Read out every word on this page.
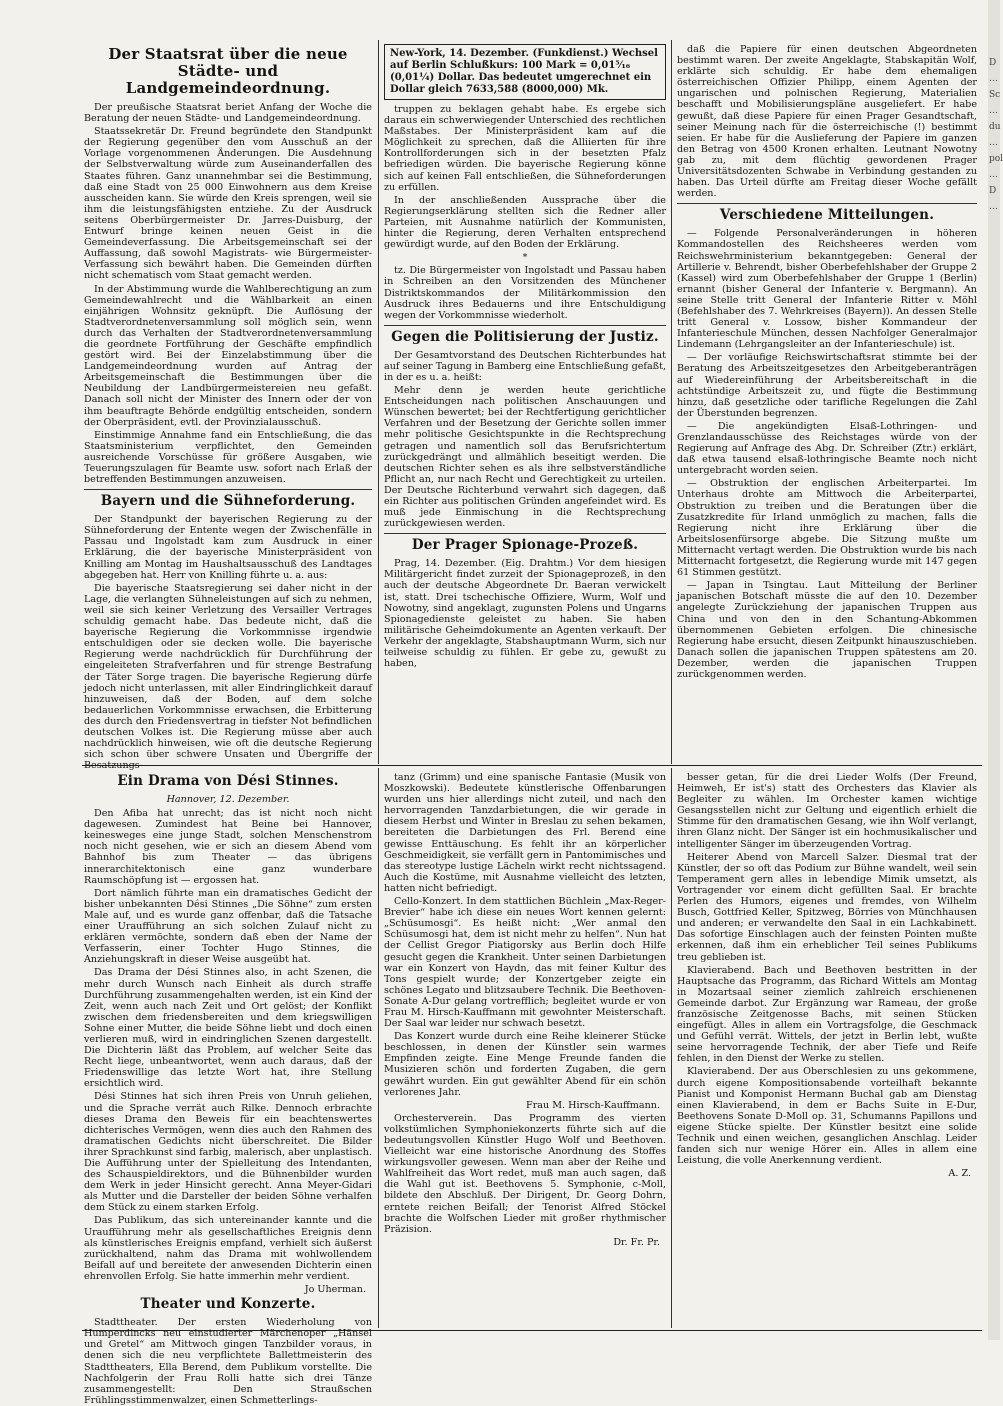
Der Staatsrat über die neue Städte- und Landgemeindeordnung.

Der preußische Staatsrat beriet Anfang der Woche die Beratung der neuen Städte- und Landgemeindeordnung.

Staatssekretär Dr. Freund begründete den Standpunkt der Regierung gegenüber den vom Ausschuß an der Vorlage vorgenommenen Änderungen. Die Ausdehnung der Selbstverwaltung würde zum Auseinanderfallen des Staates führen. Ganz unannehmbar sei die Bestimmung, daß eine Stadt von 25 000 Einwohnern aus dem Kreise ausscheiden kann. Sie würde den Kreis sprengen, weil sie ihm die leistungsfähigsten entziehe. Zu der Ausdruck seitens Oberbürgermeister Dr. Jarres-Duisburg, der Entwurf bringe keinen neuen Geist in die Gemeindeverfassung. Die Arbeitsgemeinschaft sei der Auffassung, daß sowohl Magistrats- wie Bürgermeister-Verfassung sich bewährt haben. Die Gemeinden dürften nicht schematisch vom Staat gemacht werden.

In der Abstimmung wurde die Wahlberechtigung an zum Gemeindewahlrecht und die Wählbarkeit an einen einjährigen Wohnsitz geknüpft. Die Auflösung der Stadtverordnetenversammlung soll möglich sein, wenn durch das Verhalten der Stadtverordnetenversammlung die geordnete Fortführung der Geschäfte empfindlich gestört wird. Bei der Einzelabstimmung über die Landgemeindeordnung wurden auf Antrag der Arbeitsgemeinschaft die Bestimmungen über die Neubildung der Landbürgermeistereien neu gefaßt. Danach soll nicht der Minister des Innern oder der von ihm beauftragte Behörde endgültig entscheiden, sondern der Oberpräsident, evtl. der Provinzialausschuß.

Einstimmige Annahme fand ein Entschließung, die das Staatsministerium verpflichtet, den Gemeinden ausreichende Vorschüsse für größere Ausgaben, wie Teuerungszulagen für Beamte usw. sofort nach Erlaß der betreffenden Bestimmungen anzuweisen.

Bayern und die Sühneforderung.

Der Standpunkt der bayerischen Regierung zu der Sühneforderung der Entente wegen der Zwischenfälle in Passau und Ingolstadt kam zum Ausdruck in einer Erklärung, die der bayerische Ministerpräsident von Knilling am Montag im Haushaltsausschuß des Landtages abgegeben hat. Herr von Knilling führte u. a. aus:

Die bayerische Staatsregierung sei daher nicht in der Lage, die verlangten Sühneleistungen auf sich zu nehmen, weil sie sich keiner Verletzung des Versailler Vertrages schuldig gemacht habe. Das bedeute nicht, daß die bayerische Regierung die Vorkommnisse irgendwie entschuldigen oder sie decken wolle. Die bayerische Regierung werde nachdrücklich für Durchführung der eingeleiteten Strafverfahren und für strenge Bestrafung der Täter Sorge tragen. Die bayerische Regierung dürfe jedoch nicht unterlassen, mit aller Eindringlichkeit darauf hinzuweisen, daß der Boden, auf dem solche bedauerlichen Vorkommnisse erwachsen, die Erbitterung des durch den Friedensvertrag in tiefster Not befindlichen deutschen Volkes ist. Die Regierung müsse aber auch nachdrücklich hinweisen, wie oft die deutsche Regierung sich schon über schwere Unsaten und Übergriffe der Besatzungs-

New-York, 14. Dezember. (Funkdienst.) Wechsel auf Berlin Schlußkurs: 100 Mark = 0,01⁵⁄₁₆ (0,01¼) Dollar. Das bedeutet umgerechnet ein Dollar gleich 7633,588 (8000,000) Mk.

truppen zu beklagen gehabt habe. Es ergebe sich daraus ein schwerwiegender Unterschied des rechtlichen Maßstabes. Der Ministerpräsident kam auf die Möglichkeit zu sprechen, daß die Alliierten für ihre Kontrollforderungen sich in der besetzten Pfalz befriedigen würden. Die bayerische Regierung könne sich auf keinen Fall entschließen, die Sühneforderungen zu erfüllen.

In der anschließenden Aussprache über die Regierungserklärung stellten sich die Redner aller Parteien, mit Ausnahme natürlich der Kommunisten, hinter die Regierung, deren Verhalten entsprechend gewürdigt wurde, auf den Boden der Erklärung.

*

tz. Die Bürgermeister von Ingolstadt und Passau haben in Schreiben an den Vorsitzenden des Münchener Distriktskommandos der Militärkommission den Ausdruck ihres Bedauerns und ihre Entschuldigung wegen der Vorkommnisse wiederholt.

Gegen die Politisierung der Justiz.

Der Gesamtvorstand des Deutschen Richterbundes hat auf seiner Tagung in Bamberg eine Entschließung gefaßt, in der es u. a. heißt:

Mehr denn je werden heute gerichtliche Entscheidungen nach politischen Anschauungen und Wünschen bewertet; bei der Rechtfertigung gerichtlicher Verfahren und der Besetzung der Gerichte sollen immer mehr politische Gesichtspunkte in die Rechtsprechung getragen und namentlich soll das Berufsrichtertum zurückgedrängt und allmählich beseitigt werden. Die deutschen Richter sehen es als ihre selbstverständliche Pflicht an, nur nach Recht und Gerechtigkeit zu urteilen. Der Deutsche Richterbund verwahrt sich dagegen, daß ein Richter aus politischen Gründen angefeindet wird. Es muß jede Einmischung in die Rechtsprechung zurückgewiesen werden.

Der Prager Spionage-Prozeß.

Prag, 14. Dezember. (Eig. Drahtm.) Vor dem hiesigen Militärgericht findet zurzeit der Spionageprozeß, in den auch der deutsche Abgeordnete Dr. Baeran verwickelt ist, statt. Drei tschechische Offiziere, Wurm, Wolf und Nowotny, sind angeklagt, zugunsten Polens und Ungarns Spionagedienste geleistet zu haben. Sie haben militärische Geheimdokumente an Agenten verkauft. Der Verkehr der angeklagte, Stabshauptmann Wurm, sich nur teilweise schuldig zu fühlen. Er gebe zu, gewußt zu haben,

daß die Papiere für einen deutschen Abgeordneten bestimmt waren. Der zweite Angeklagte, Stabskapitän Wolf, erklärte sich schuldig. Er habe dem ehemaligen österreichischen Offizier Philipp, einem Agenten der ungarischen und polnischen Regierung, Materialien beschafft und Mobilisierungspläne ausgeliefert. Er habe gewußt, daß diese Papiere für einen Prager Gesandtschaft, seiner Meinung nach für die österreichische (!) bestimmt seien. Er habe für die Auslieferung der Papiere im ganzen den Betrag von 4500 Kronen erhalten. Leutnant Nowotny gab zu, mit dem flüchtig gewordenen Prager Universitätsdozenten Schwabe in Verbindung gestanden zu haben. Das Urteil dürfte am Freitag dieser Woche gefällt werden.

Verschiedene Mitteilungen.

— Folgende Personalveränderungen in höheren Kommandostellen des Reichsheeres werden vom Reichswehrministerium bekanntgegeben: General der Artillerie v. Behrendt, bisher Oberbefehlshaber der Gruppe 2 (Kassel) wird zum Oberbefehlshaber der Gruppe 1 (Berlin) ernannt (bisher General der Infanterie v. Bergmann). An seine Stelle tritt General der Infanterie Ritter v. Möhl (Befehlshaber des 7. Wehrkreises (Bayern)). An dessen Stelle tritt General v. Lossow, bisher Kommandeur der Infanterieschule München, dessen Nachfolger Generalmajor Lindemann (Lehrgangsleiter an der Infanterieschule) ist.

— Der vorläufige Reichswirtschaftsrat stimmte bei der Beratung des Arbeitszeitgesetzes den Arbeitgeberanträgen auf Wiedereinführung der Arbeitsbereitschaft in die achtstündige Arbeitszeit zu, und fügte die Bestimmung hinzu, daß gesetzliche oder tarifliche Regelungen die Zahl der Überstunden begrenzen.

— Die angekündigten Elsaß-Lothringen- und Grenzlandausschüsse des Reichstages würde von der Regierung auf Anfrage des Abg. Dr. Schreiber (Ztr.) erklärt, daß etwa tausend elsaß-lothringische Beamte noch nicht untergebracht worden seien.

— Obstruktion der englischen Arbeiterpartei. Im Unterhaus drohte am Mittwoch die Arbeiterpartei, Obstruktion zu treiben und die Beratungen über die Zusatzkredite für Irland unmöglich zu machen, falls die Regierung nicht ihre Erklärung über die Arbeitslosenfürsorge abgebe. Die Sitzung mußte um Mitternacht vertagt werden. Die Obstruktion wurde bis nach Mitternacht fortgesetzt, die Regierung wurde mit 147 gegen 61 Stimmen gestützt.

— Japan in Tsingtau. Laut Mitteilung der Berliner japanischen Botschaft müsste die auf den 10. Dezember angelegte Zurückziehung der japanischen Truppen aus China und von den in den Schantung-Abkommen übernommenen Gebieten erfolgen. Die chinesische Regierung habe ersucht, diesen Zeitpunkt hinauszuschieben. Danach sollen die japanischen Truppen spätestens am 20. Dezember, werden die japanischen Truppen zurückgenommen werden.

Ein Drama von Dési Stinnes.
Hannover, 12. Dezember.

Den Afiba hat unrecht; das ist nicht noch nicht dagewesen. Zumindest hat Beine bei Hannover, keinesweges eine junge Stadt, solchen Menschenstrom noch nicht gesehen, wie er sich an diesem Abend vom Bahnhof bis zum Theater — das übrigens innerarchitektonisch eine ganz wunderbare Raumschöpfung ist — ergossen hat.

Dort nämlich führte man ein dramatisches Gedicht der bisher unbekannten Dési Stinnes „Die Söhne“ zum ersten Male auf, und es wurde ganz offenbar, daß die Tatsache einer Uraufführung an sich solchen Zulauf nicht zu erklären vermöchte, sondern daß eben der Name der Verfasserin, einer Tochter Hugo Stinnes, die Anziehungskraft in dieser Weise ausgeübt hat.

Das Drama der Dési Stinnes also, in acht Szenen, die mehr durch Wunsch nach Einheit als durch straffe Durchführung zusammengehalten werden, ist ein Kind der Zeit, wenn auch nach Zeit und Ort gelöst; der Konflikt zwischen dem friedensbereiten und dem kriegswilligen Sohne einer Mutter, die beide Söhne liebt und doch einen verlieren muß, wird in eindringlichen Szenen dargestellt. Die Dichterin läßt das Problem, auf welcher Seite das Recht liege, unbeantwortet, wenn auch daraus, daß der Friedenswillige das letzte Wort hat, ihre Stellung ersichtlich wird.

Dési Stinnes hat sich ihren Preis von Unruh geliehen, und die Sprache verrät auch Rilke. Dennoch erbrachte dieses Drama den Beweis für ein beachtenswertes dichterisches Vermögen, wenn dies auch den Rahmen des dramatischen Gedichts nicht überschreitet. Die Bilder ihrer Sprachkunst sind farbig, malerisch, aber unplastisch. Die Aufführung unter der Spielleitung des Intendanten, des Schauspieldirektors, und die Bühnenbilder wurden dem Werk in jeder Hinsicht gerecht. Anna Meyer-Gidari als Mutter und die Darsteller der beiden Söhne verhalfen dem Stück zu einem starken Erfolg.

Das Publikum, das sich untereinander kannte und die Uraufführung mehr als gesellschaftliches Ereignis denn als künstlerisches Ereignis empfand, verhielt sich äußerst zurückhaltend, nahm das Drama mit wohlwollendem Beifall auf und bereitete der anwesenden Dichterin einen ehrenvollen Erfolg. Sie hatte immerhin mehr verdient.

Jo Uherman.
Theater und Konzerte.

Stadttheater. Der ersten Wiederholung von Humperdincks neu einstudierter Märchenoper „Hänsel und Gretel“ am Mittwoch gingen Tanzbilder voraus, in denen sich die neu verpflichtete Ballettmeisterin des Stadttheaters, Ella Berend, dem Publikum vorstellte. Die Nachfolgerin der Frau Rolli hatte sich drei Tänze zusammengestellt: Den Straußschen Frühlingsstimmenwalzer, einen Schmetterlings-

tanz (Grimm) und eine spanische Fantasie (Musik von Moszkowski). Bedeutete künstlerische Offenbarungen wurden uns hier allerdings nicht zuteil, und nach den hervorragenden Tanzdarbietungen, die wir gerade in diesem Herbst und Winter in Breslau zu sehen bekamen, bereiteten die Darbietungen des Frl. Berend eine gewisse Enttäuschung. Es fehlt ihr an körperlicher Geschmeidigkeit, sie verfällt gern in Pantomimisches und das stereotype lustige Lächeln wirkt recht nichtssagend. Auch die Kostüme, mit Ausnahme vielleicht des letzten, hatten nicht befriedigt.

Cello-Konzert. In dem stattlichen Büchlein „Max-Reger-Brevier“ habe ich diese ein neues Wort kennen gelernt: „Schüsumosgi“. Es heißt nicht: „Wer anmal den Schüsumosgi hat, dem ist nicht mehr zu helfen“. Nun hat der Cellist Gregor Piatigorsky aus Berlin doch Hilfe gesucht gegen die Krankheit. Unter seinen Darbietungen war ein Konzert von Haydn, das mit feiner Kultur des Tons gespielt wurde; der Konzertgeber zeigte ein schönes Legato und blitzsaubere Technik. Die Beethoven-Sonate A-Dur gelang vortrefflich; begleitet wurde er von Frau M. Hirsch-Kauffmann mit gewohnter Meisterschaft. Der Saal war leider nur schwach besetzt.

Das Konzert wurde durch eine Reihe kleinerer Stücke beschlossen, in denen der Künstler sein warmes Empfinden zeigte. Eine Menge Freunde fanden die Musizieren schön und forderten Zugaben, die gern gewährt wurden. Ein gut gewählter Abend für ein schön verlorenes Jahr.

Frau M. Hirsch-Kauffmann.

Orchesterverein. Das Programm des vierten volkstümlichen Symphoniekonzerts führte sich auf die bedeutungsvollen Künstler Hugo Wolf und Beethoven. Vielleicht war eine historische Anordnung des Stoffes wirkungsvoller gewesen. Wenn man aber der Reihe und Wahlfreiheit das Wort redet, muß man auch sagen, daß die Wahl gut ist. Beethovens 5. Symphonie, c-Moll, bildete den Abschluß. Der Dirigent, Dr. Georg Dohrn, erntete reichen Beifall; der Tenorist Alfred Stöckel brachte die Wolfschen Lieder mit großer rhythmischer Präzision.

Dr. Fr. Pr.

besser getan, für die drei Lieder Wolfs (Der Freund, Heimweh, Er ist's) statt des Orchesters das Klavier als Begleiter zu wählen. Im Orchester kamen wichtige Gesangsstellen nicht zur Geltung und eigentlich erhielt die Stimme für den dramatischen Gesang, wie ihn Wolf verlangt, ihren Glanz nicht. Der Sänger ist ein hochmusikalischer und intelligenter Sänger im überzeugenden Vortrag.

Heiterer Abend von Marcell Salzer. Diesmal trat der Künstler, der so oft das Podium zur Bühne wandelt, weil sein Temperament gern alles in lebendige Mimik umsetzt, als Vortragender vor einem dicht gefüllten Saal. Er brachte Perlen des Humors, eigenes und fremdes, von Wilhelm Busch, Gottfried Keller, Spitzweg, Börries von Münchhausen und anderen; er verwandelte den Saal in ein Lachkabinett. Das sofortige Einschlagen auch der feinsten Pointen mußte erkennen, daß ihm ein erheblicher Teil seines Publikums treu geblieben ist.

Klavierabend. Bach und Beethoven bestritten in der Hauptsache das Programm, das Richard Wittels am Montag in Mozartsaal seiner ziemlich zahlreich erschienenen Gemeinde darbot. Zur Ergänzung war Rameau, der große französische Zeitgenosse Bachs, mit seinen Stücken eingefügt. Alles in allem ein Vortragsfolge, die Geschmack und Gefühl verrät. Wittels, der jetzt in Berlin lebt, wußte seine hervorragende Technik, der aber Tiefe und Reife fehlen, in den Dienst der Werke zu stellen.

Klavierabend. Der aus Oberschlesien zu uns gekommene, durch eigene Kompositionsabende vorteilhaft bekannte Pianist und Komponist Hermann Buchal gab am Dienstag einen Klavierabend, in dem er Bachs Suite in E-Dur, Beethovens Sonate D-Moll op. 31, Schumanns Papillons und eigene Stücke spielte. Der Künstler besitzt eine solide Technik und einen weichen, gesanglichen Anschlag. Leider fanden sich nur wenige Hörer ein. Alles in allem eine Leistung, die volle Anerkennung verdient.

A. Z.
D … Sc … du … pol … D …
